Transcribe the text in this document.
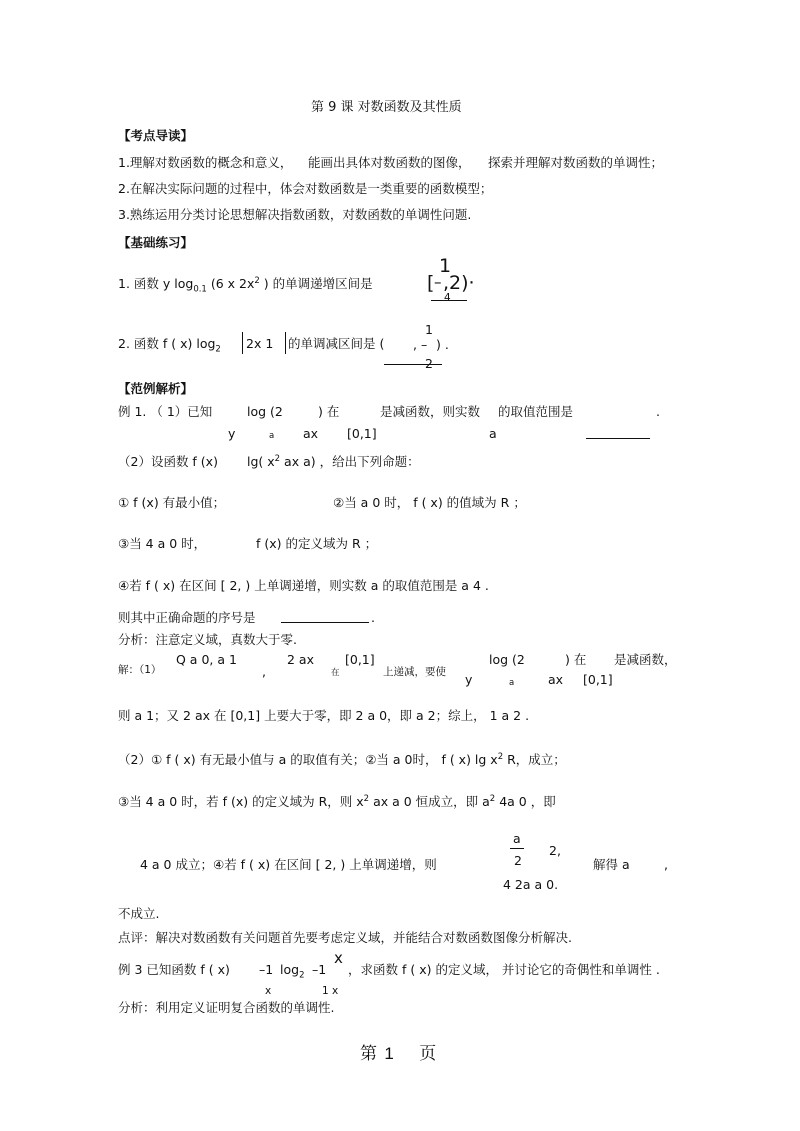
第 9 课 对数函数及其性质
【考点导读】
1.理解对数函数的概念和意义， 能画出具体对数函数的图像， 探索并理解对数函数的单调性；
2.在解决实际问题的过程中，体会对数函数是一类重要的函数模型；
3.熟练运用分类讨论思想解决指数函数，对数函数的单调性问题.
【基础练习】
1. 函数 y $\log_{0.1} (6$ x $2x^2$ ) 的单调递增区间是	[
1
– ,2)·
4
2. 函数 f ( x) $\log_2 2x$ 1 的单调减区间是 (
1
, – ) .
2
【范例解析】
例 1. （ 1）已知	log (2	) 在	是减函数，则实数 的取值范围是	.
y	a ax [0,1]	a
（2）设函数 f (x) lg( $x^2$ ax a) ，给出下列命题：
① f (x) 有最小值；	②当 a 0 时， f ( x) 的值域为 R ；
③当 4 a 0 时，	f (x) 的定义域为 R ；
④若 f ( x) 在区间 [ 2, ) 上单调递增，则实数 a 的取值范围是 a 4 .
则其中正确命题的序号是	.
分析：注意定义域，真数大于零.
解：（1）
Q a 0, a 1	2 ax
,	在
[0,1]
上递减，要使
log (2	) 在 是减函数，
y	a	ax [0,1]
则 a 1；又 2 ax 在 [0,1] 上要大于零，即 2 a 0，即 a 2；综上， 1 a 2 .
（2）① f ( x) 有无最小值与 a 的取值有关；②当 a 0时， f ( x) $\lg x^2$ R，成立；
③当 4 a 0 时，若 f (x) 的定义域为 R，则 $x^2$ ax a 0 恒成立，即 $a^2$ 4a 0 ，即
a
2
2,
4 a 0 成立；④若 f ( x) 在区间 [ 2, ) 上单调递增，则	解得 a	,
4 2a a 0.
不成立.
点评：解决对数函数有关问题首先要考虑定义域，并能结合对数函数图像分析解决.
例 3 已知函数 f ( x) –1 $\log_2 -1$
x
，求函数 f ( x) 的定义域， 并讨论它的奇偶性和单调性 .
x	1 x
分析：利用定义证明复合函数的单调性.
第 1 页
